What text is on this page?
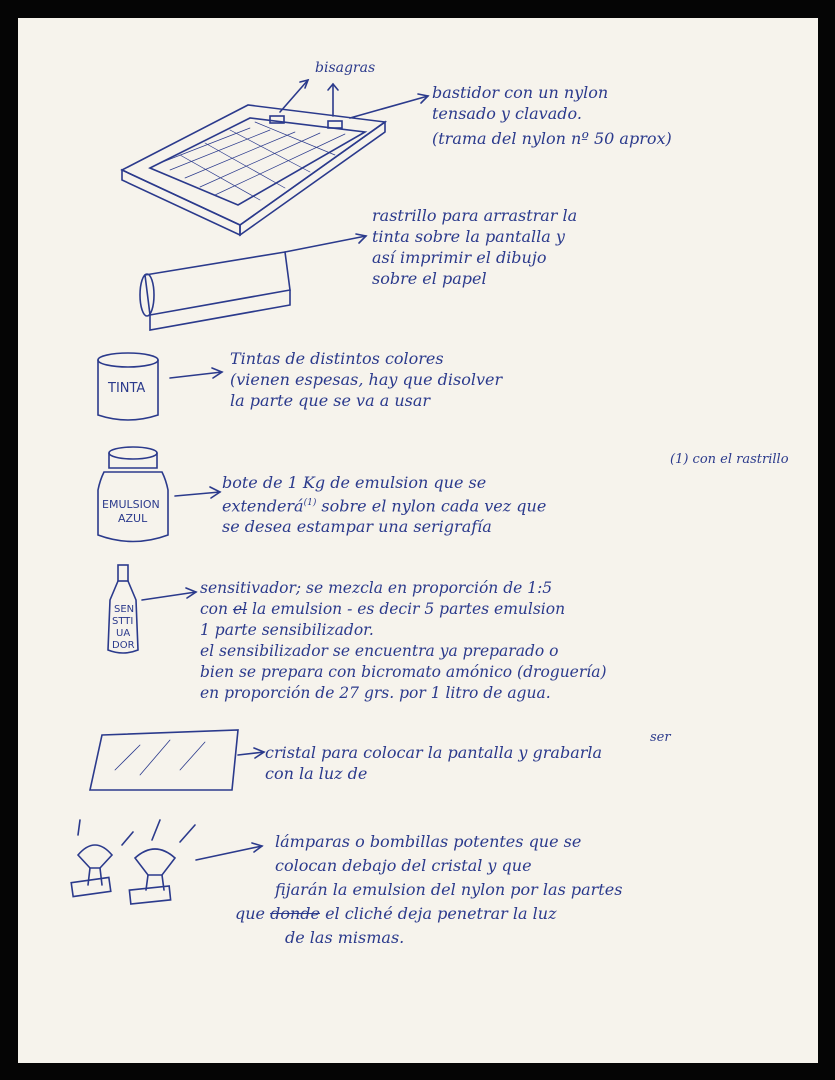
TINTA
EMULSION
AZUL
SEN
STTI
UA
DOR
bisagras
bastidor con un nylon
tensado y clavado.
(trama del nylon nº 50 aprox)
rastrillo para arrastrar la
tinta sobre la pantalla y
así imprimir el dibujo
sobre el papel
Tintas de distintos colores
(vienen espesas, hay que disolver
la parte que se va a usar
(1) con el rastrillo
bote de 1 Kg de emulsion que se
extenderá$^{(1)}$ sobre el nylon cada vez que
se desea estampar una serigrafía
sensitivador; se mezcla en proporción de 1:5
con el la emulsion - es decir 5 partes emulsion
1 parte sensibilizador.
el sensibilizador se encuentra ya preparado o
bien se prepara con bicromato amónico (droguería)
en proporción de 27 grs. por 1 litro de agua.
ser
cristal para colocar la pantalla y grabarla
con la luz de
lámparas o bombillas potentes que se
colocan debajo del cristal y que
fijarán la emulsion del nylon por las partes
que donde el cliché deja penetrar la luz
de las mismas.
